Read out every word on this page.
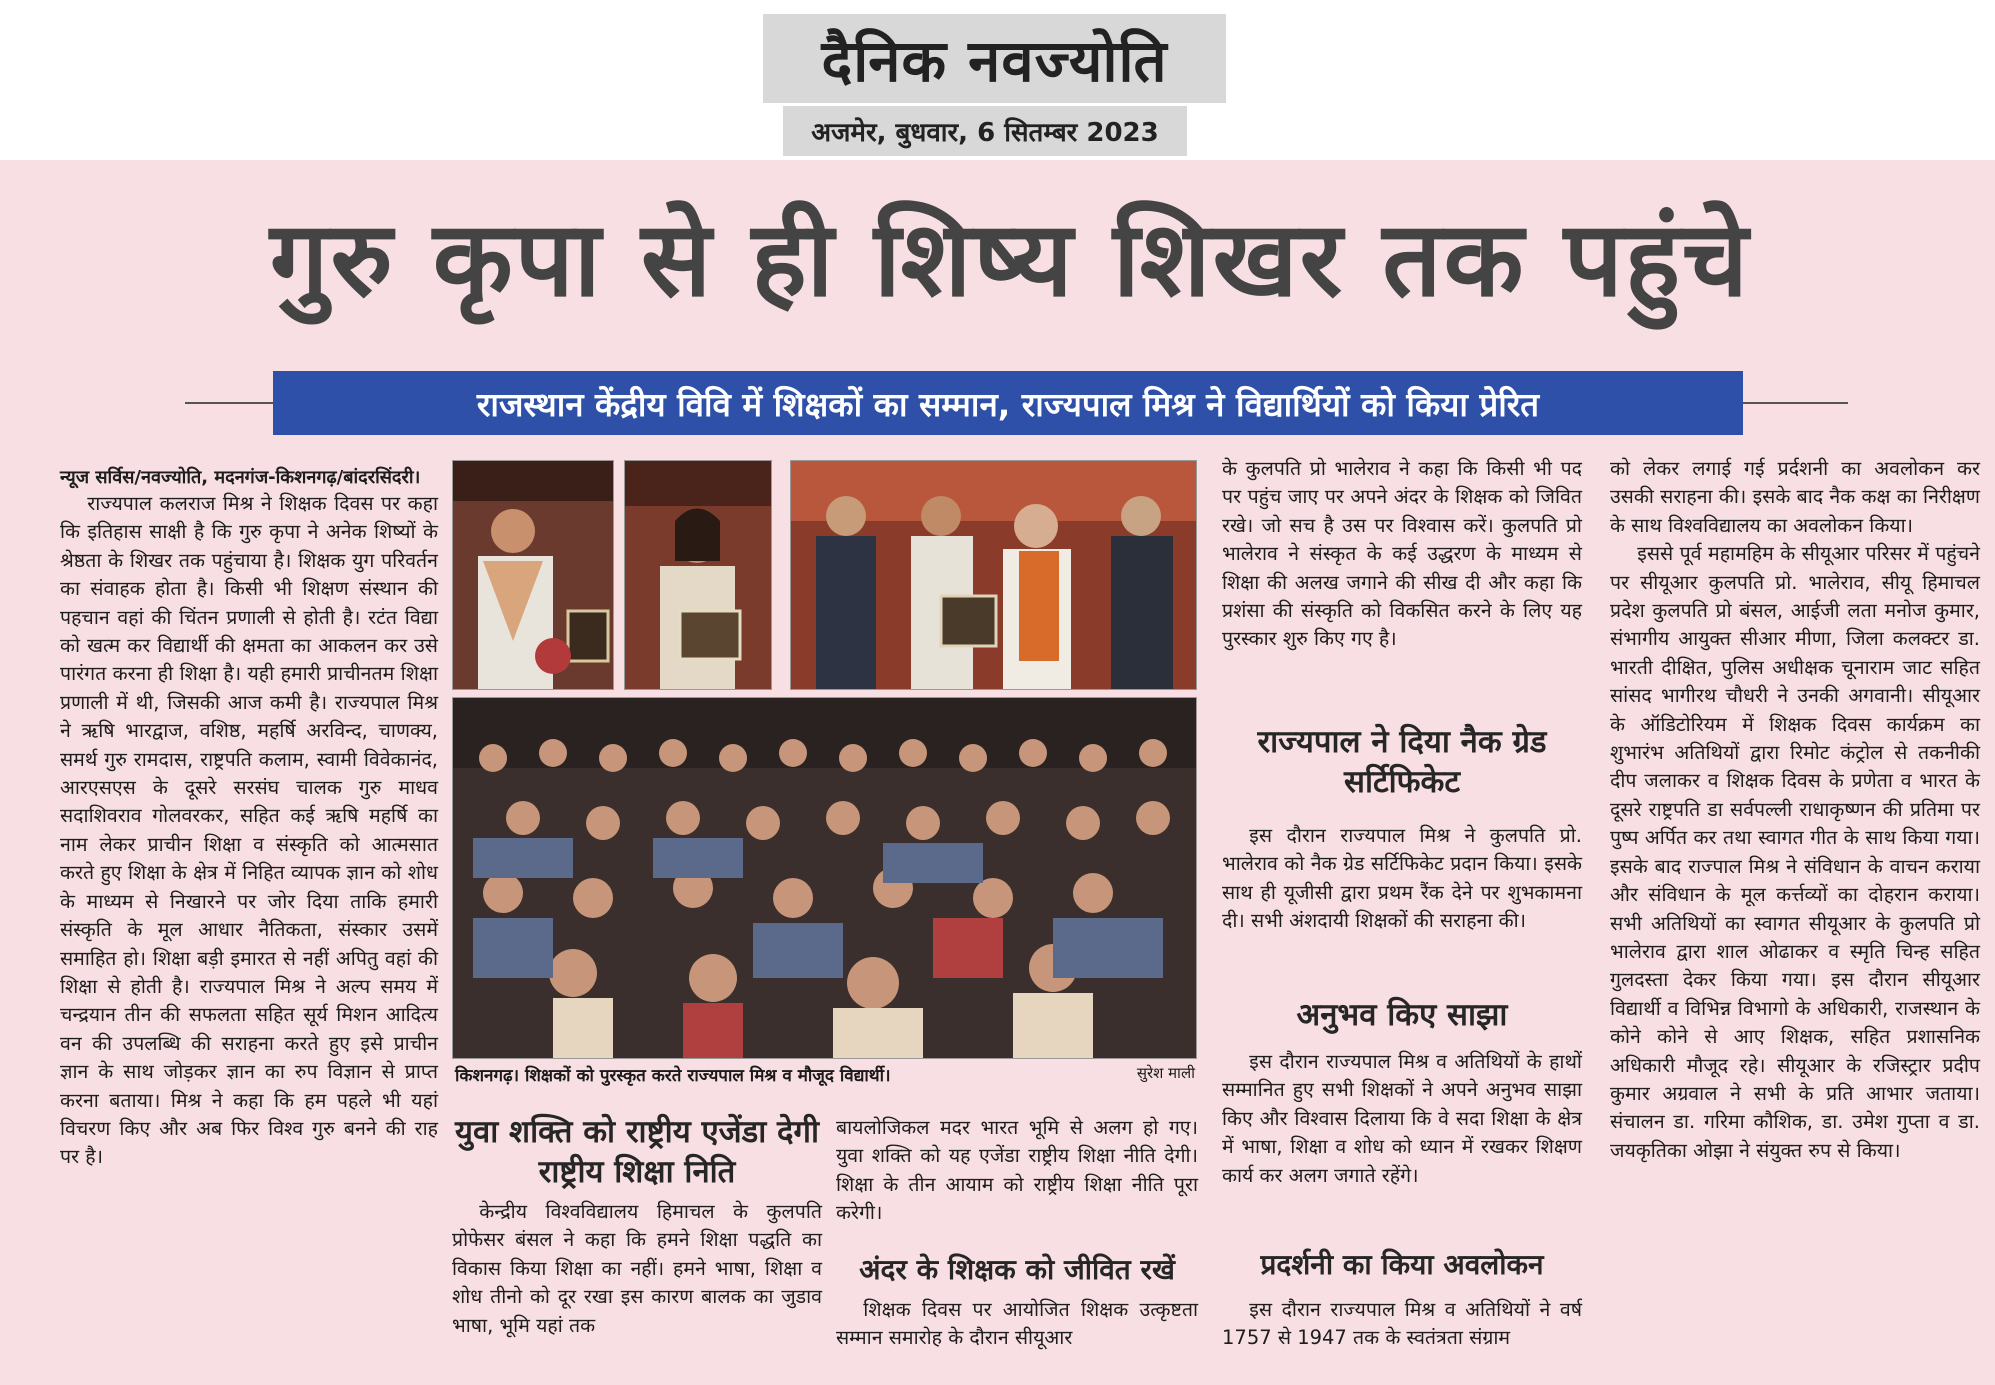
दैनिक नवज्योति
अजमेर, बुधवार, 6 सितम्बर 2023
गुरु कृपा से ही शिष्य शिखर तक पहुंचे
राजस्थान केंद्रीय विवि में शिक्षकों का सम्मान, राज्यपाल मिश्र ने विद्यार्थियों को किया प्रेरित
न्यूज सर्विस/नवज्योति, मदनगंज-किशनगढ़/बांदरसिंदरी।

राज्यपाल कलराज मिश्र ने शिक्षक दिवस पर कहा कि इतिहास साक्षी है कि गुरु कृपा ने अनेक शिष्यों के श्रेष्ठता के शिखर तक पहुंचाया है। शिक्षक युग परिवर्तन का संवाहक होता है। किसी भी शिक्षण संस्थान की पहचान वहां की चिंतन प्रणाली से होती है। रटंत विद्या को खत्म कर विद्यार्थी की क्षमता का आकलन कर उसे पारंगत करना ही शिक्षा है। यही हमारी प्राचीनतम शिक्षा प्रणाली में थी, जिसकी आज कमी है। राज्यपाल मिश्र ने ऋषि भारद्वाज, वशिष्ठ, महर्षि अरविन्द, चाणक्य, समर्थ गुरु रामदास, राष्ट्रपति कलाम, स्वामी विवेकानंद, आरएसएस के दूसरे सरसंघ चालक गुरु माधव सदाशिवराव गोलवरकर, सहित कई ऋषि महर्षि का नाम लेकर प्राचीन शिक्षा व संस्कृति को आत्मसात करते हुए शिक्षा के क्षेत्र में निहित व्यापक ज्ञान को शोध के माध्यम से निखारने पर जोर दिया ताकि हमारी संस्कृति के मूल आधार नैतिकता, संस्कार उसमें समाहित हो। शिक्षा बड़ी इमारत से नहीं अपितु वहां की शिक्षा से होती है। राज्यपाल मिश्र ने अल्प समय में चन्द्रयान तीन की सफलता सहित सूर्य मिशन आदित्य वन की उपलब्धि की सराहना करते हुए इसे प्राचीन ज्ञान के साथ जोड़कर ज्ञान का रुप विज्ञान से प्राप्त करना बताया। मिश्र ने कहा कि हम पहले भी यहां विचरण किए और अब फिर विश्व गुरु बनने की राह पर है।

किशनगढ़। शिक्षकों को पुरस्कृत करते राज्यपाल मिश्र व मौजूद विद्यार्थी।	सुरेश माली
युवा शक्ति को राष्ट्रीय एजेंडा देगी राष्ट्रीय शिक्षा निति

केन्द्रीय विश्वविद्यालय हिमाचल के कुलपति प्रोफेसर बंसल ने कहा कि हमने शिक्षा पद्धति का विकास किया शिक्षा का नहीं। हमने भाषा, शिक्षा व शोध तीनो को दूर रखा इस कारण बालक का जुडाव भाषा, भूमि यहां तक

बायलोजिकल मदर भारत भूमि से अलग हो गए। युवा शक्ति को यह एजेंडा राष्ट्रीय शिक्षा नीति देगी। शिक्षा के तीन आयाम को राष्ट्रीय शिक्षा नीति पूरा करेगी।

अंदर के शिक्षक को जीवित रखें

शिक्षक दिवस पर आयोजित शिक्षक उत्कृष्टता सम्मान समारोह के दौरान सीयूआर

के कुलपति प्रो भालेराव ने कहा कि किसी भी पद पर पहुंच जाए पर अपने अंदर के शिक्षक को जिवित रखे। जो सच है उस पर विश्वास करें। कुलपति प्रो भालेराव ने संस्कृत के कई उद्धरण के माध्यम से शिक्षा की अलख जगाने की सीख दी और कहा कि प्रशंसा की संस्कृति को विकसित करने के लिए यह पुरस्कार शुरु किए गए है।

राज्यपाल ने दिया नैक ग्रेड सर्टिफिकेट

इस दौरान राज्यपाल मिश्र ने कुलपति प्रो. भालेराव को नैक ग्रेड सर्टिफिकेट प्रदान किया। इसके साथ ही यूजीसी द्वारा प्रथम रैंक देने पर शुभकामना दी। सभी अंशदायी शिक्षकों की सराहना की।

अनुभव किए साझा

इस दौरान राज्यपाल मिश्र व अतिथियों के हाथों सम्मानित हुए सभी शिक्षकों ने अपने अनुभव साझा किए और विश्वास दिलाया कि वे सदा शिक्षा के क्षेत्र में भाषा, शिक्षा व शोध को ध्यान में रखकर शिक्षण कार्य कर अलग जगाते रहेंगे।

प्रदर्शनी का किया अवलोकन

इस दौरान राज्यपाल मिश्र व अतिथियों ने वर्ष 1757 से 1947 तक के स्वतंत्रता संग्राम

को लेकर लगाई गई प्रर्दशनी का अवलोकन कर उसकी सराहना की। इसके बाद नैक कक्ष का निरीक्षण के साथ विश्वविद्यालय का अवलोकन किया।

इससे पूर्व महामहिम के सीयूआर परिसर में पहुंचने पर सीयूआर कुलपति प्रो. भालेराव, सीयू हिमाचल प्रदेश कुलपति प्रो बंसल, आईजी लता मनोज कुमार, संभागीय आयुक्त सीआर मीणा, जिला कलक्टर डा. भारती दीक्षित, पुलिस अधीक्षक चूनाराम जाट सहित सांसद भागीरथ चौधरी ने उनकी अगवानी। सीयूआर के ऑडिटोरियम में शिक्षक दिवस कार्यक्रम का शुभारंभ अतिथियों द्वारा रिमोट कंट्रोल से तकनीकी दीप जलाकर व शिक्षक दिवस के प्रणेता व भारत के दूसरे राष्ट्रपति डा सर्वपल्ली राधाकृष्णन की प्रतिमा पर पुष्प अर्पित कर तथा स्वागत गीत के साथ किया गया। इसके बाद राज्पाल मिश्र ने संविधान के वाचन कराया और संविधान के मूल कर्त्तव्यों का दोहरान कराया। सभी अतिथियों का स्वागत सीयूआर के कुलपति प्रो भालेराव द्वारा शाल ओढाकर व स्मृति चिन्ह सहित गुलदस्ता देकर किया गया। इस दौरान सीयूआर विद्यार्थी व विभिन्न विभागो के अधिकारी, राजस्थान के कोने कोने से आए शिक्षक, सहित प्रशासनिक अधिकारी मौजूद रहे। सीयूआर के रजिस्ट्रार प्रदीप कुमार अग्रवाल ने सभी के प्रति आभार जताया। संचालन डा. गरिमा कौशिक, डा. उमेश गुप्ता व डा. जयकृतिका ओझा ने संयुक्त रुप से किया।
